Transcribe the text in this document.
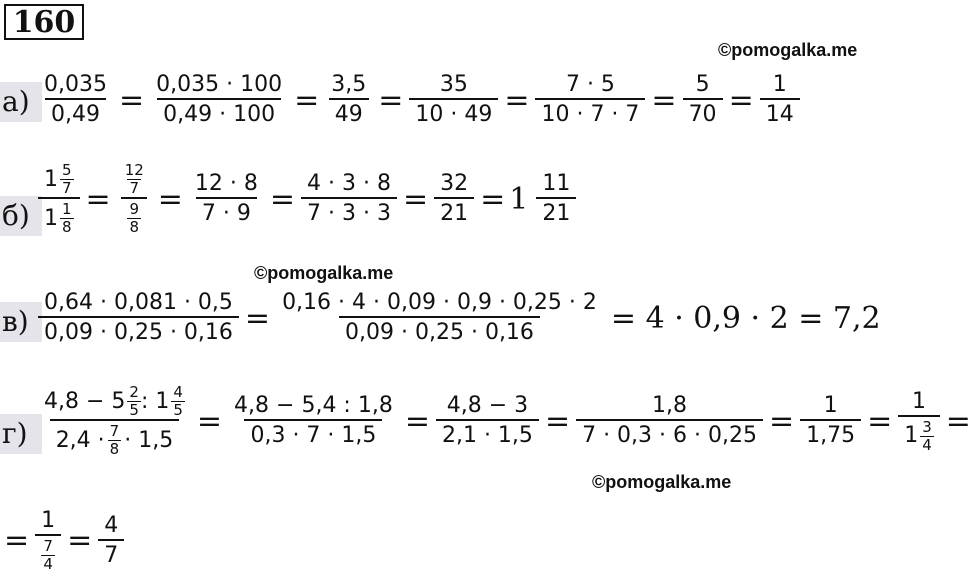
160
©pomogalka.me
©pomogalka.me
©pomogalka.me
$а) \frac{0,035}{0,49} = \frac{0,035 \cdot 100}{0,49 \cdot 100} = \frac{3,5}{49} = \frac{35}{10 \cdot 49} = \frac{7 \cdot 5}{10 \cdot 7 \cdot 7} = \frac{5}{70} = \frac{1}{14}$
б) 1 5
7
1 1
$8 = \frac{\frac{12}{7}}{\frac{9}{8}} = \frac{12 \cdot 8}{7 \cdot 9} = \frac{4 \cdot 3 \cdot 8}{7 \cdot 3 \cdot 3} = \frac{32}{21} = 1 \frac{11}{21}$
$в) \frac{0,64 \cdot 0,081 \cdot 0,5}{0,09 \cdot 0,25 \cdot 0,16} = \frac{0,16 \cdot 4 \cdot 0,09 \cdot 0,9 \cdot 0,25 \cdot 2}{0,09 \cdot 0,25 \cdot 0,16} = 4 \cdot 0,9 \cdot 2 = 7,2$
г) 4,8 − 5 2
5 : 1 4
5
2,4 · 7
$8 \cdot 1,5 = \frac{4,8 - 5,4 : 1,8}{0,3 \cdot 7 \cdot 1,5} = \frac{4,8 - 3}{2,1 \cdot 1,5} = \frac{1,8}{7 \cdot 0,3 \cdot 6 \cdot 0,25} = \frac{1}{1,75} = 1$
1 3
4 =
= $\frac{1}{\frac{7}{4}} = \frac{4}{7}$
